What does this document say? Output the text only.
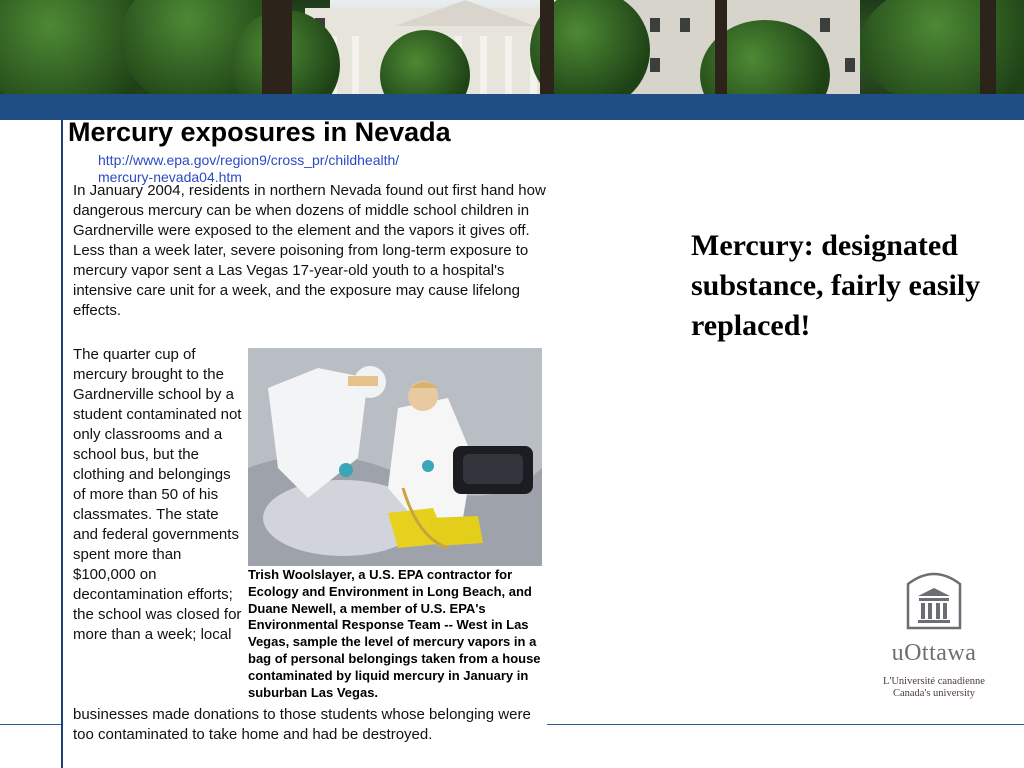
Mercury exposures in Nevada
http://www.epa.gov/region9/cross_pr/childhealth/
mercury-nevada04.htm

In January 2004, residents in northern Nevada found out first hand how dangerous mercury can be when dozens of middle school children in Gardnerville were exposed to the element and the vapors it gives off. Less than a week later, severe poisoning from long-term exposure to mercury vapor sent a Las Vegas 17-year-old youth to a hospital's intensive care unit for a week, and the exposure may cause lifelong effects.

The quarter cup of mercury brought to the Gardnerville school by a student contaminated not only classrooms and a school bus, but the clothing and belongings of more than 50 of his classmates. The state and federal governments spent more than $100,000 on decontamination efforts; the school was closed for more than a week; local

businesses made donations to those students whose belonging were too contaminated to take home and had be destroyed.

Trish Woolslayer, a U.S. EPA contractor for Ecology and Environment in Long Beach, and Duane Newell, a member of U.S. EPA's Environmental Response Team -- West in Las Vegas, sample the level of mercury vapors in a bag of personal belongings taken from a house contaminated by liquid mercury in January in suburban Las Vegas.

Mercury: designated substance, fairly easily replaced!

uOttawa
L'Université canadienne
Canada's university
